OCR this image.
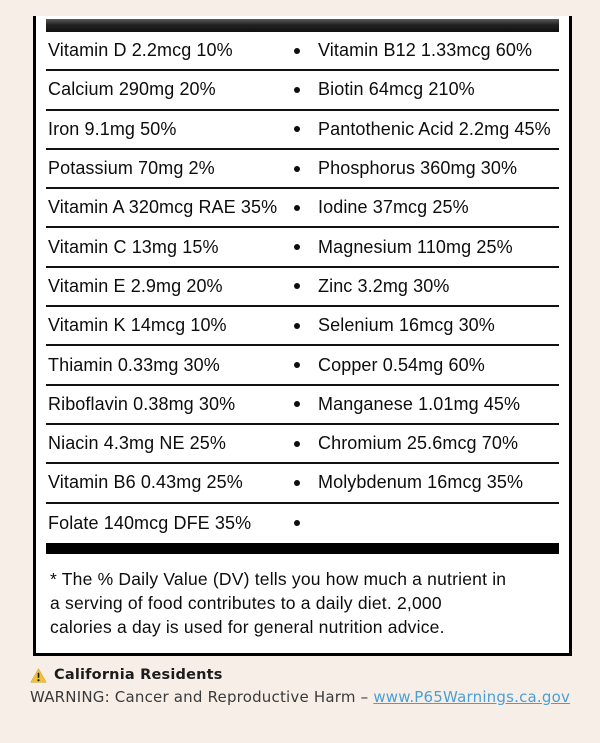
Vitamin D 2.2mcg 10%	Vitamin B12 1.33mcg 60%
Calcium 290mg 20%	Biotin 64mcg 210%
Iron 9.1mg 50%	Pantothenic Acid 2.2mg 45%
Potassium 70mg 2%	Phosphorus 360mg 30%
Vitamin A 320mcg RAE 35%	Iodine 37mcg 25%
Vitamin C 13mg 15%	Magnesium 110mg 25%
Vitamin E 2.9mg 20%	Zinc 3.2mg 30%
Vitamin K 14mcg 10%	Selenium 16mcg 30%
Thiamin 0.33mg 30%	Copper 0.54mg 60%
Riboflavin 0.38mg 30%	Manganese 1.01mg 45%
Niacin 4.3mg NE 25%	Chromium 25.6mcg 70%
Vitamin B6 0.43mg 25%	Molybdenum 16mcg 35%
Folate 140mcg DFE 35%
* The % Daily Value (DV) tells you how much a nutrient in
a serving of food contributes to a daily diet. 2,000
calories a day is used for general nutrition advice.
California Residents
WARNING: Cancer and Reproductive Harm – www.P65Warnings.ca.gov
